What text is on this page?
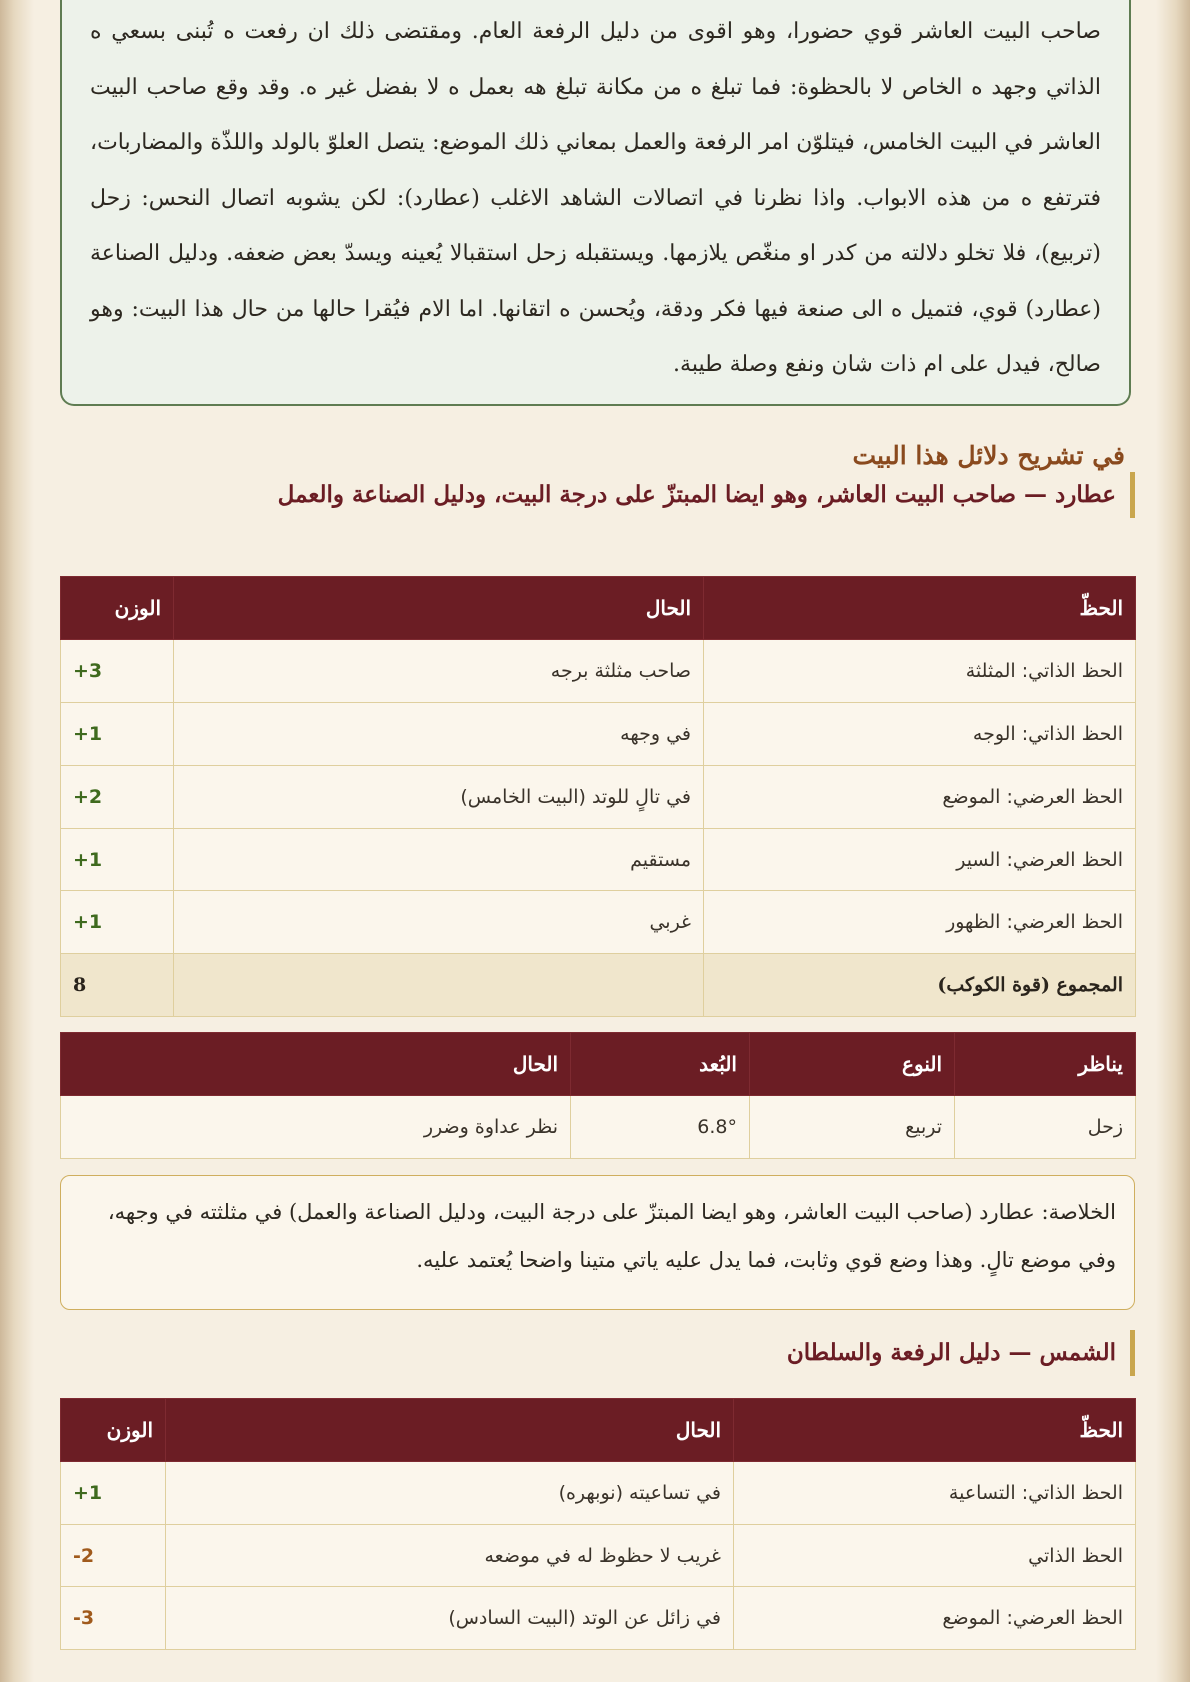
صاحب البيت العاشر قوي حضورا، وهو اقوى من دليل الرفعة العام. ومقتضى ذلك ان رفعت ه تُبنى بسعي ه الذاتي وجهد ه الخاص لا بالحظوة: فما تبلغ ه من مكانة تبلغ هه بعمل ه لا بفضل غير ه. وقد وقع صاحب البيت العاشر في البيت الخامس، فيتلوّن امر الرفعة والعمل بمعاني ذلك الموضع: يتصل العلوّ بالولد واللذّة والمضاربات، فترتفع ه من هذه الابواب. واذا نظرنا في اتصالات الشاهد الاغلب (عطارد): لكن يشوبه اتصال النحس: زحل (تربيع)، فلا تخلو دلالته من كدر او منغّص يلازمها. ويستقبله زحل استقبالا يُعينه ويسدّ بعض ضعفه. ودليل الصناعة (عطارد) قوي، فتميل ه الى صنعة فيها فكر ودقة، ويُحسن ه اتقانها. اما الام فيُقرا حالها من حال هذا البيت: وهو صالح، فيدل على ام ذات شان ونفع وصلة طيبة.

في تشريح دلائل هذا البيت
عطارد — صاحب البيت العاشر، وهو ايضا المبتزّ على درجة البيت، ودليل الصناعة والعمل
الحظّ	الحال	الوزن
الحظ الذاتي: المثلثة	صاحب مثلثة برجه	+3
الحظ الذاتي: الوجه	في وجهه	+1
الحظ العرضي: الموضع	في تالٍ للوتد (البيت الخامس)	+2
الحظ العرضي: السير	مستقيم	+1
الحظ العرضي: الظهور	غربي	+1
المجموع (قوة الكوكب)		8
يناظر	النوع	البُعد	الحال
زحل	تربيع	6.8°	نظر عداوة وضرر

الخلاصة: عطارد (صاحب البيت العاشر، وهو ايضا المبتزّ على درجة البيت، ودليل الصناعة والعمل) في مثلثته في وجهه، وفي موضع تالٍ. وهذا وضع قوي وثابت، فما يدل عليه ياتي متينا واضحا يُعتمد عليه.

الشمس — دليل الرفعة والسلطان
الحظّ	الحال	الوزن
الحظ الذاتي: التساعية	في تساعيته (نوبهره)	+1
الحظ الذاتي	غريب لا حظوظ له في موضعه	-2
الحظ العرضي: الموضع	في زائل عن الوتد (البيت السادس)	-3
